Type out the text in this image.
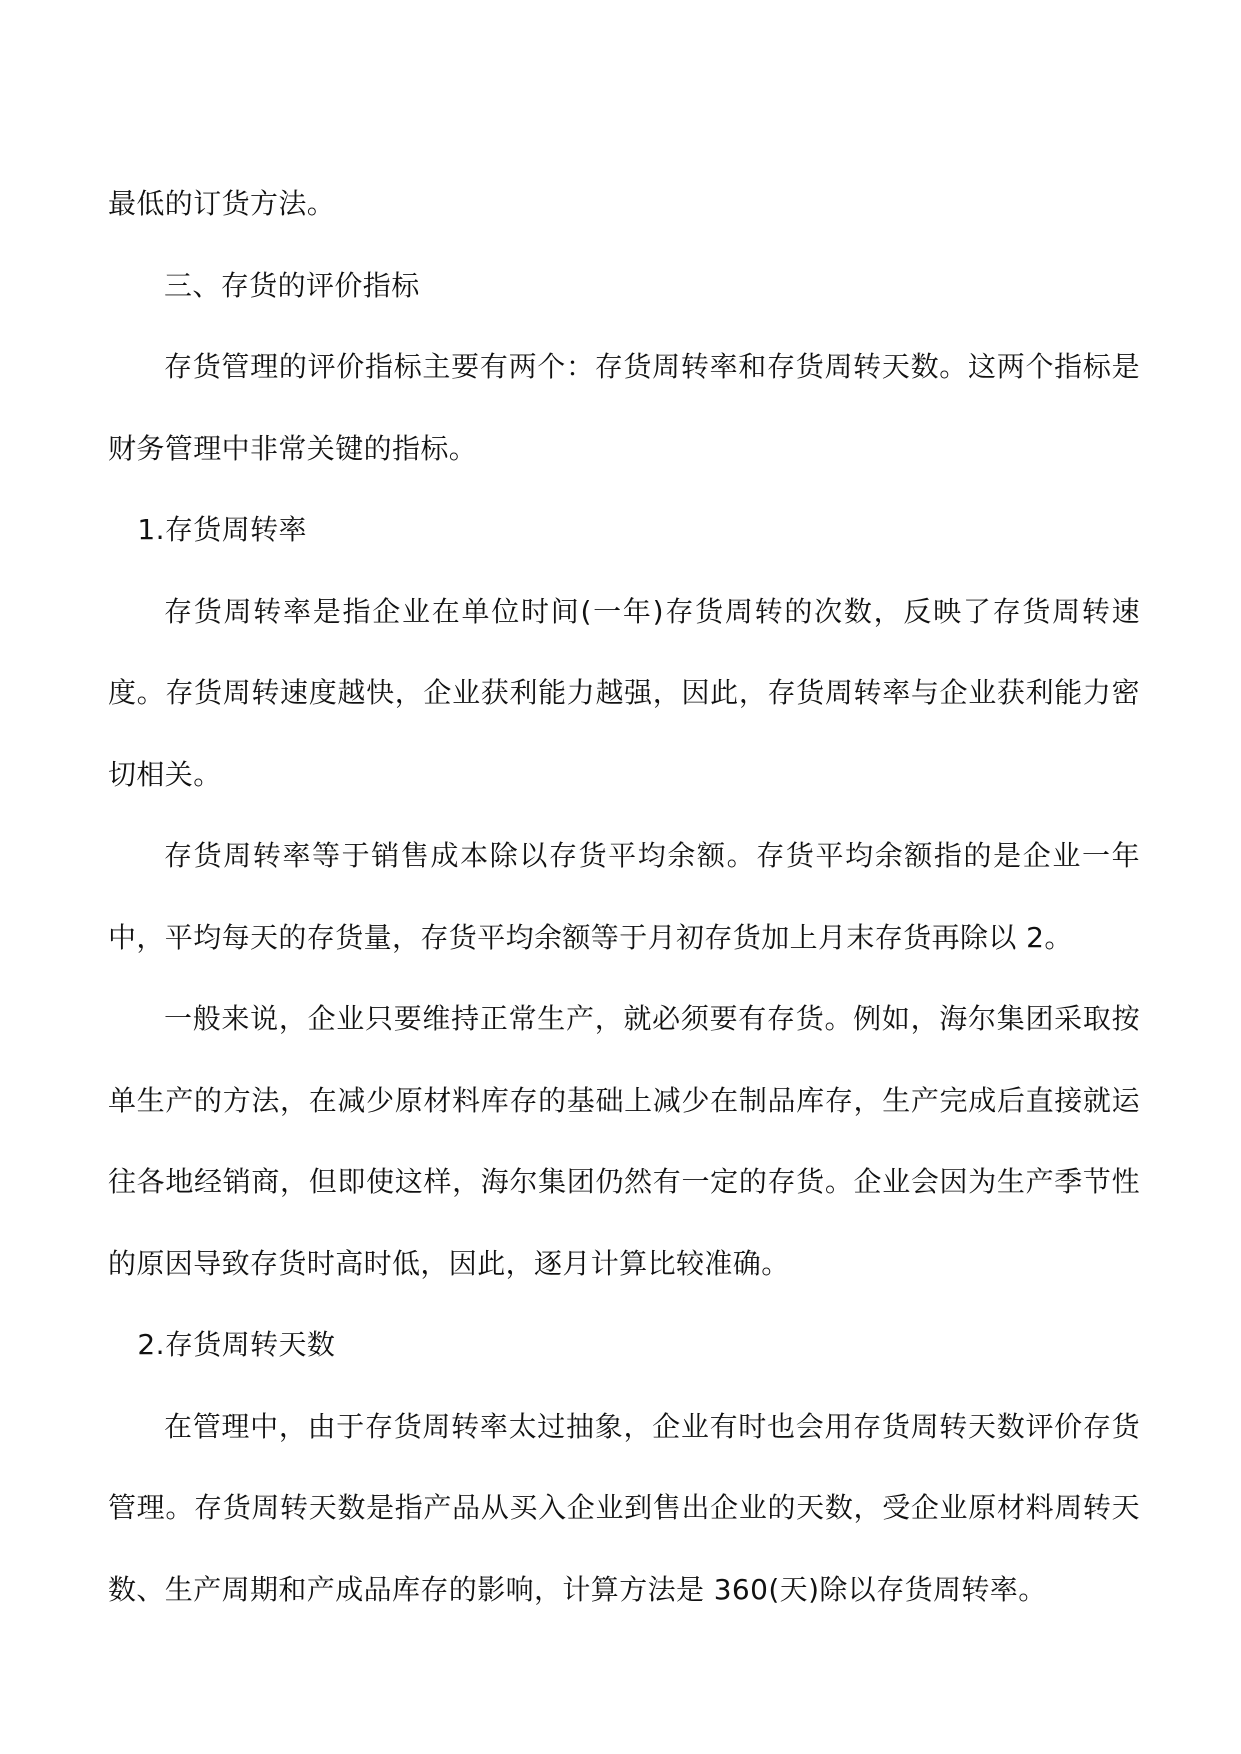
最低的订货方法。

三、存货的评价指标

存货管理的评价指标主要有两个：存货周转率和存货周转天数。这两个指标是财务管理中非常关键的指标。

1.存货周转率

存货周转率是指企业在单位时间(一年)存货周转的次数，反映了存货周转速度。存货周转速度越快，企业获利能力越强，因此，存货周转率与企业获利能力密切相关。

存货周转率等于销售成本除以存货平均余额。存货平均余额指的是企业一年中，平均每天的存货量，存货平均余额等于月初存货加上月末存货再除以 2。

一般来说，企业只要维持正常生产，就必须要有存货。例如，海尔集团采取按单生产的方法，在减少原材料库存的基础上减少在制品库存，生产完成后直接就运往各地经销商，但即使这样，海尔集团仍然有一定的存货。企业会因为生产季节性的原因导致存货时高时低，因此，逐月计算比较准确。

2.存货周转天数

在管理中，由于存货周转率太过抽象，企业有时也会用存货周转天数评价存货管理。存货周转天数是指产品从买入企业到售出企业的天数，受企业原材料周转天数、生产周期和产成品库存的影响，计算方法是 360(天)除以存货周转率。
